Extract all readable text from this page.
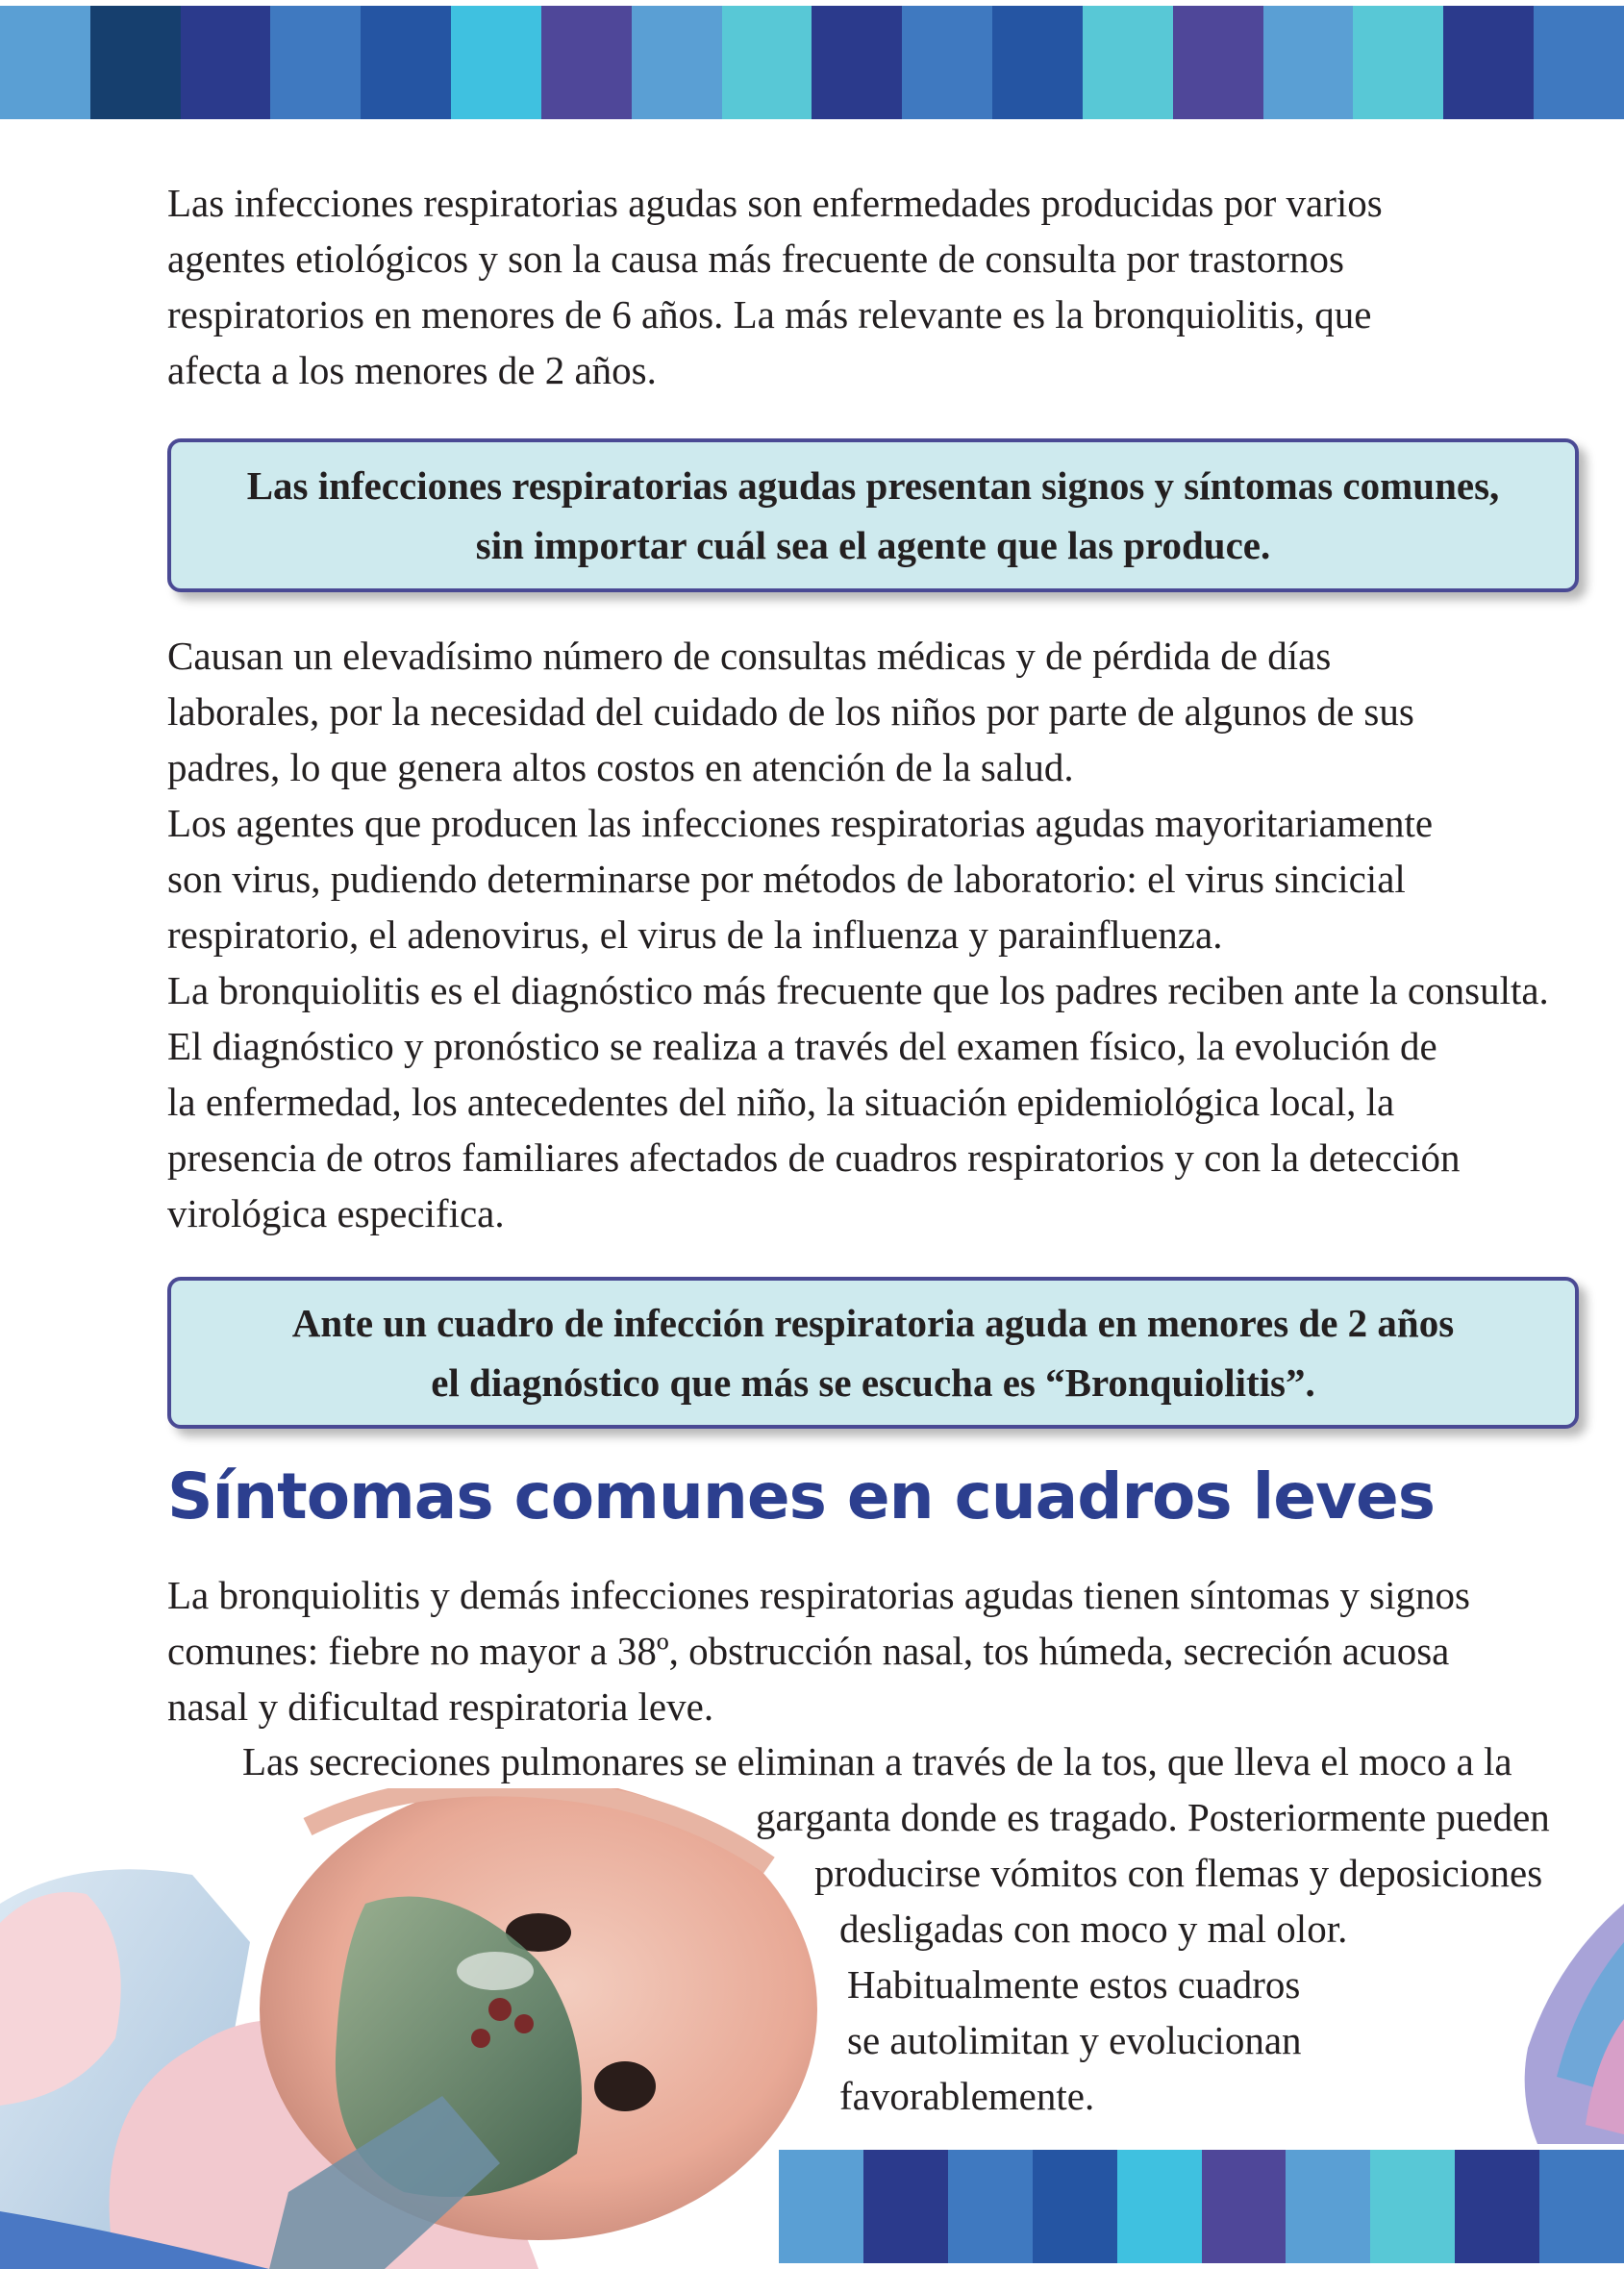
Las infecciones respiratorias agudas son enfermedades producidas por varios
agentes etiológicos y son la causa más frecuente de consulta por trastornos
respiratorios en menores de 6 años. La más relevante es la bronquiolitis, que
afecta a los menores de 2 años.

Las infecciones respiratorias agudas presentan signos y síntomas comunes,
sin importar cuál sea el agente que las produce.

Causan un elevadísimo número de consultas médicas y de pérdida de días
laborales, por la necesidad del cuidado de los niños por parte de algunos de sus
padres, lo que genera altos costos en atención de la salud.
Los agentes que producen las infecciones respiratorias agudas mayoritariamente
son virus, pudiendo determinarse por métodos de laboratorio: el virus sincicial
respiratorio, el adenovirus, el virus de la influenza y parainfluenza.
La bronquiolitis es el diagnóstico más frecuente que los padres reciben ante la consulta.
El diagnóstico y pronóstico se realiza a través del examen físico, la evolución de
la enfermedad, los antecedentes del niño, la situación epidemiológica local, la
presencia de otros familiares afectados de cuadros respiratorios y con la detección
virológica especifica.

Ante un cuadro de infección respiratoria aguda en menores de 2 años
el diagnóstico que más se escucha es “Bronquiolitis”.
Síntomas comunes en cuadros leves

La bronquiolitis y demás infecciones respiratorias agudas tienen síntomas y signos
comunes: fiebre no mayor a 38º, obstrucción nasal, tos húmeda, secreción acuosa
nasal y dificultad respiratoria leve.

Las secreciones pulmonares se eliminan a través de la tos, que lleva el moco a la
garganta donde es tragado. Posteriormente pueden
producirse vómitos con flemas y deposiciones
desligadas con moco y mal olor.
Habitualmente estos cuadros
se autolimitan y evolucionan
favorablemente.
